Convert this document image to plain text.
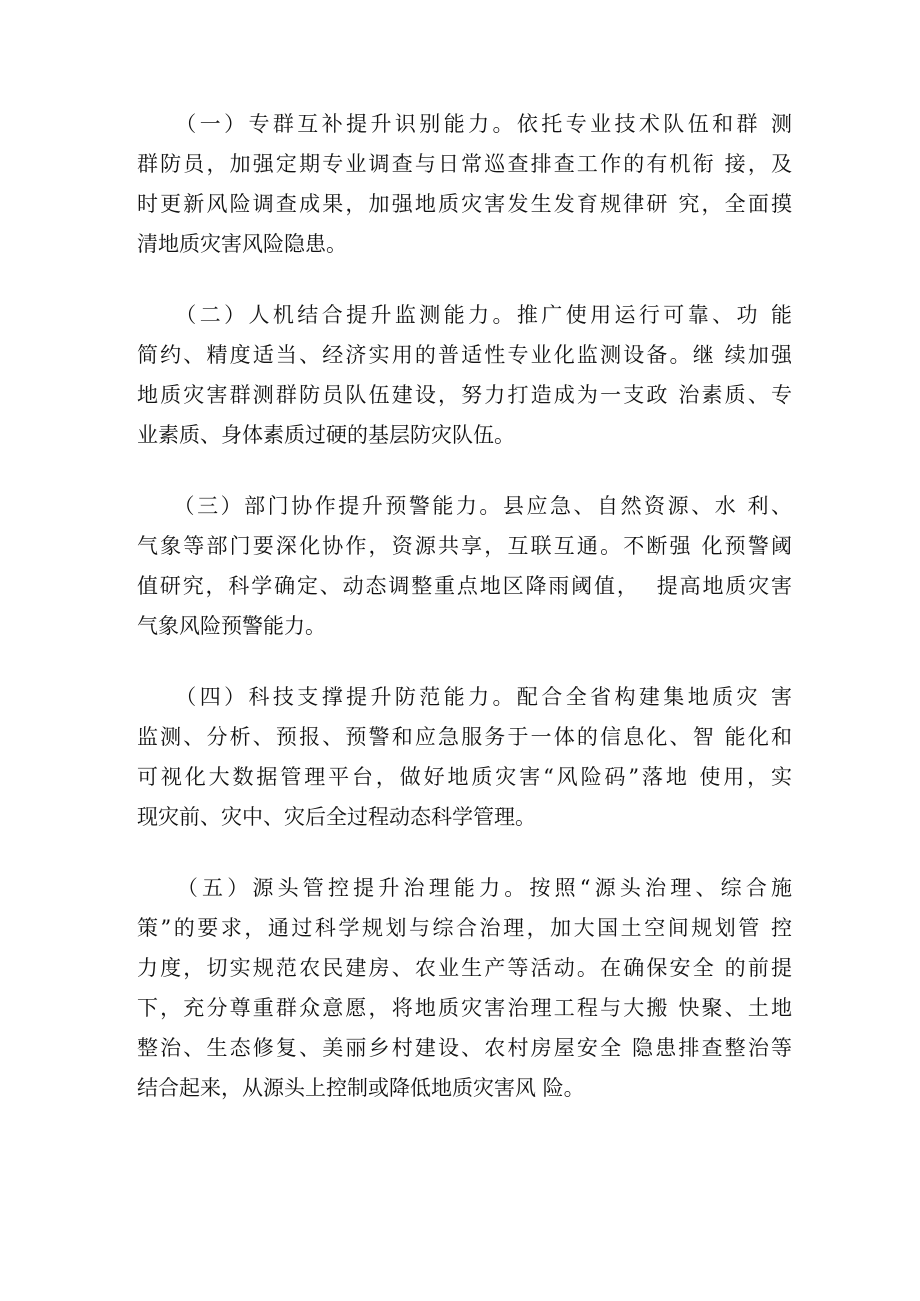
　　（一）专群互补提升识别能力。依托专业技术队伍和群 测
群防员，加强定期专业调查与日常巡查排查工作的有机衔 接，及
时更新风险调查成果，加强地质灾害发生发育规律研 究，全面摸
清地质灾害风险隐患。

　　（二）人机结合提升监测能力。推广使用运行可靠、功 能
简约、精度适当、经济实用的普适性专业化监测设备。继 续加强
地质灾害群测群防员队伍建设，努力打造成为一支政 治素质、专
业素质、身体素质过硬的基层防灾队伍。

　　（三）部门协作提升预警能力。县应急、自然资源、水 利、
气象等部门要深化协作，资源共享，互联互通。不断强 化预警阈
值研究，科学确定、动态调整重点地区降雨阈值，  提高地质灾害
气象风险预警能力。

　　（四）科技支撑提升防范能力。配合全省构建集地质灾 害
监测、分析、预报、预警和应急服务于一体的信息化、智 能化和
可视化大数据管理平台，做好地质灾害“风险码”落地 使用，实
现灾前、灾中、灾后全过程动态科学管理。

　　（五）源头管控提升治理能力。按照“源头治理、综合施
策”的要求，通过科学规划与综合治理，加大国土空间规划管 控
力度，切实规范农民建房、农业生产等活动。在确保安全 的前提
下，充分尊重群众意愿，将地质灾害治理工程与大搬 快聚、土地
整治、生态修复、美丽乡村建设、农村房屋安全 隐患排查整治等
结合起来，从源头上控制或降低地质灾害风 险。
